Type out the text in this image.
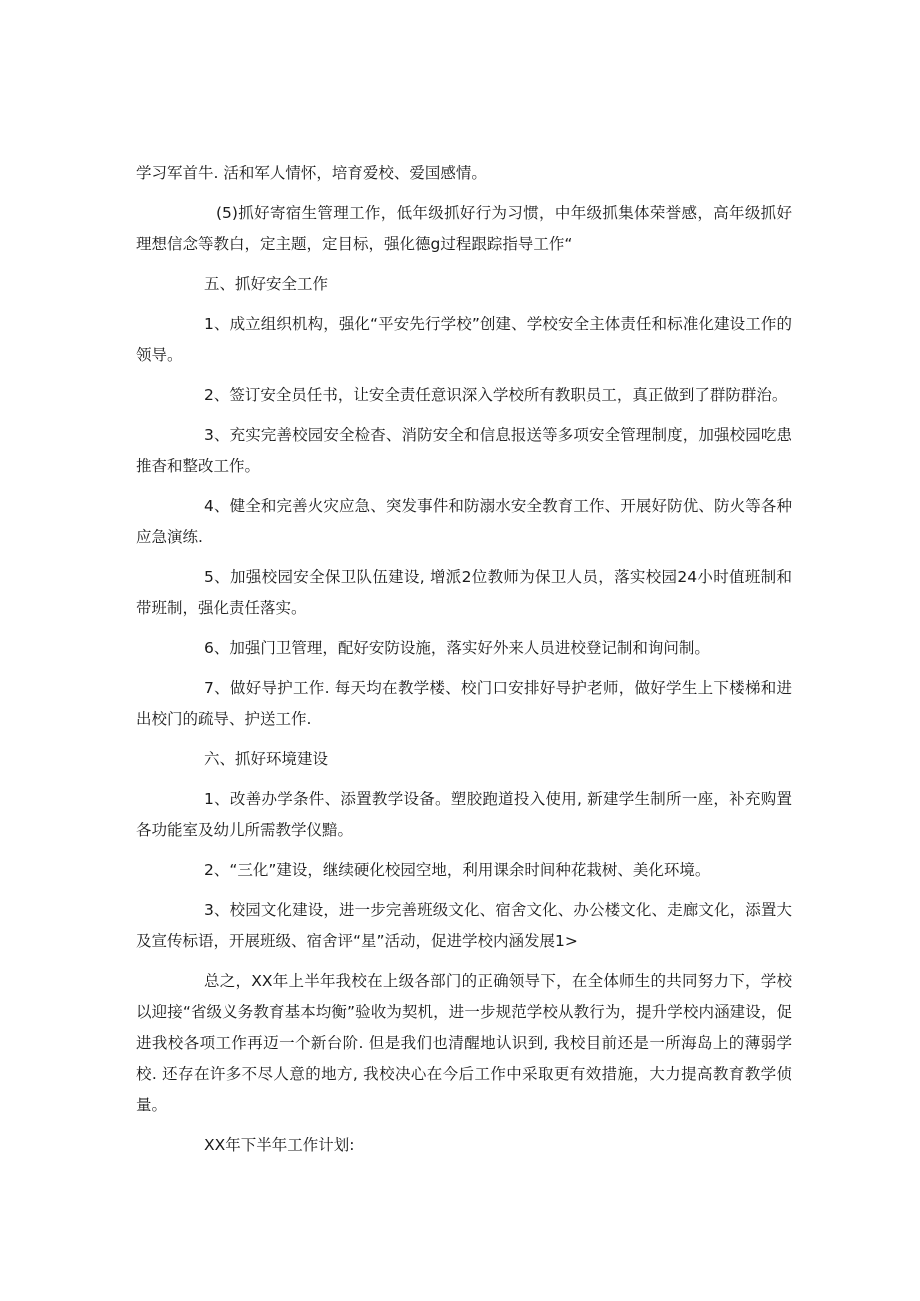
学习军首牛. 活和军人情怀，培育爱校、爱国感情。

(5)抓好寄宿生管理工作，低年级抓好行为习惯，中年级抓集体荣誉感，高年级抓好理想信念等教白，定主题，定目标，强化德g过程跟踪指导工作“

五、抓好安全工作

1、成立组织机构，强化“平安先行学校”创建、学校安全主体责任和标准化建设工作的领导。

2、签订安全员任书，让安全责任意识深入学校所有教职员工，真正做到了群防群治。

3、充实完善校园安全检杳、消防安全和信息报送等多项安全管理制度，加强校园吃患推杳和整改工作。

4、健全和完善火灾应急、突发事件和防溺水安全教育工作、开展好防优、防火等各种应急演练.

5、加强校园安全保卫队伍建设, 增派2位教师为保卫人员，落实校园24小时值班制和带班制，强化责任落实。

6、加强门卫管理，配好安防设施，落实好外来人员进校登记制和询问制。

7、做好导护工作. 每天均在教学楼、校门口安排好导护老师，做好学生上下楼梯和进出校门的疏导、护送工作.

六、抓好环境建设

1、改善办学条件、添置教学设备。塑胶跑道投入使用, 新建学生制所一座，补充购置各功能室及幼儿所需教学仪黯。

2、“三化”建设，继续硬化校园空地，利用课余时间种花栽树、美化环境。

3、校园文化建设，进一步完善班级文化、宿舍文化、办公楼文化、走廊文化，添置大及宣传标语，开展班级、宿舍评“星”活动，促进学校内涵发展1>

总之，XX年上半年我校在上级各部门的正确领导下，在全体师生的共同努力下，学校以迎接“省级义务教育基本均衡”验收为契机，进一步规范学校从教行为，提升学校内涵建设，促进我校各项工作再迈一个新台阶. 但是我们也清醒地认识到, 我校目前还是一所海岛上的薄弱学校. 还存在许多不尽人意的地方, 我校决心在今后工作中采取更有效措施，大力提高教育教学侦量。

XX年下半年工作计划:
